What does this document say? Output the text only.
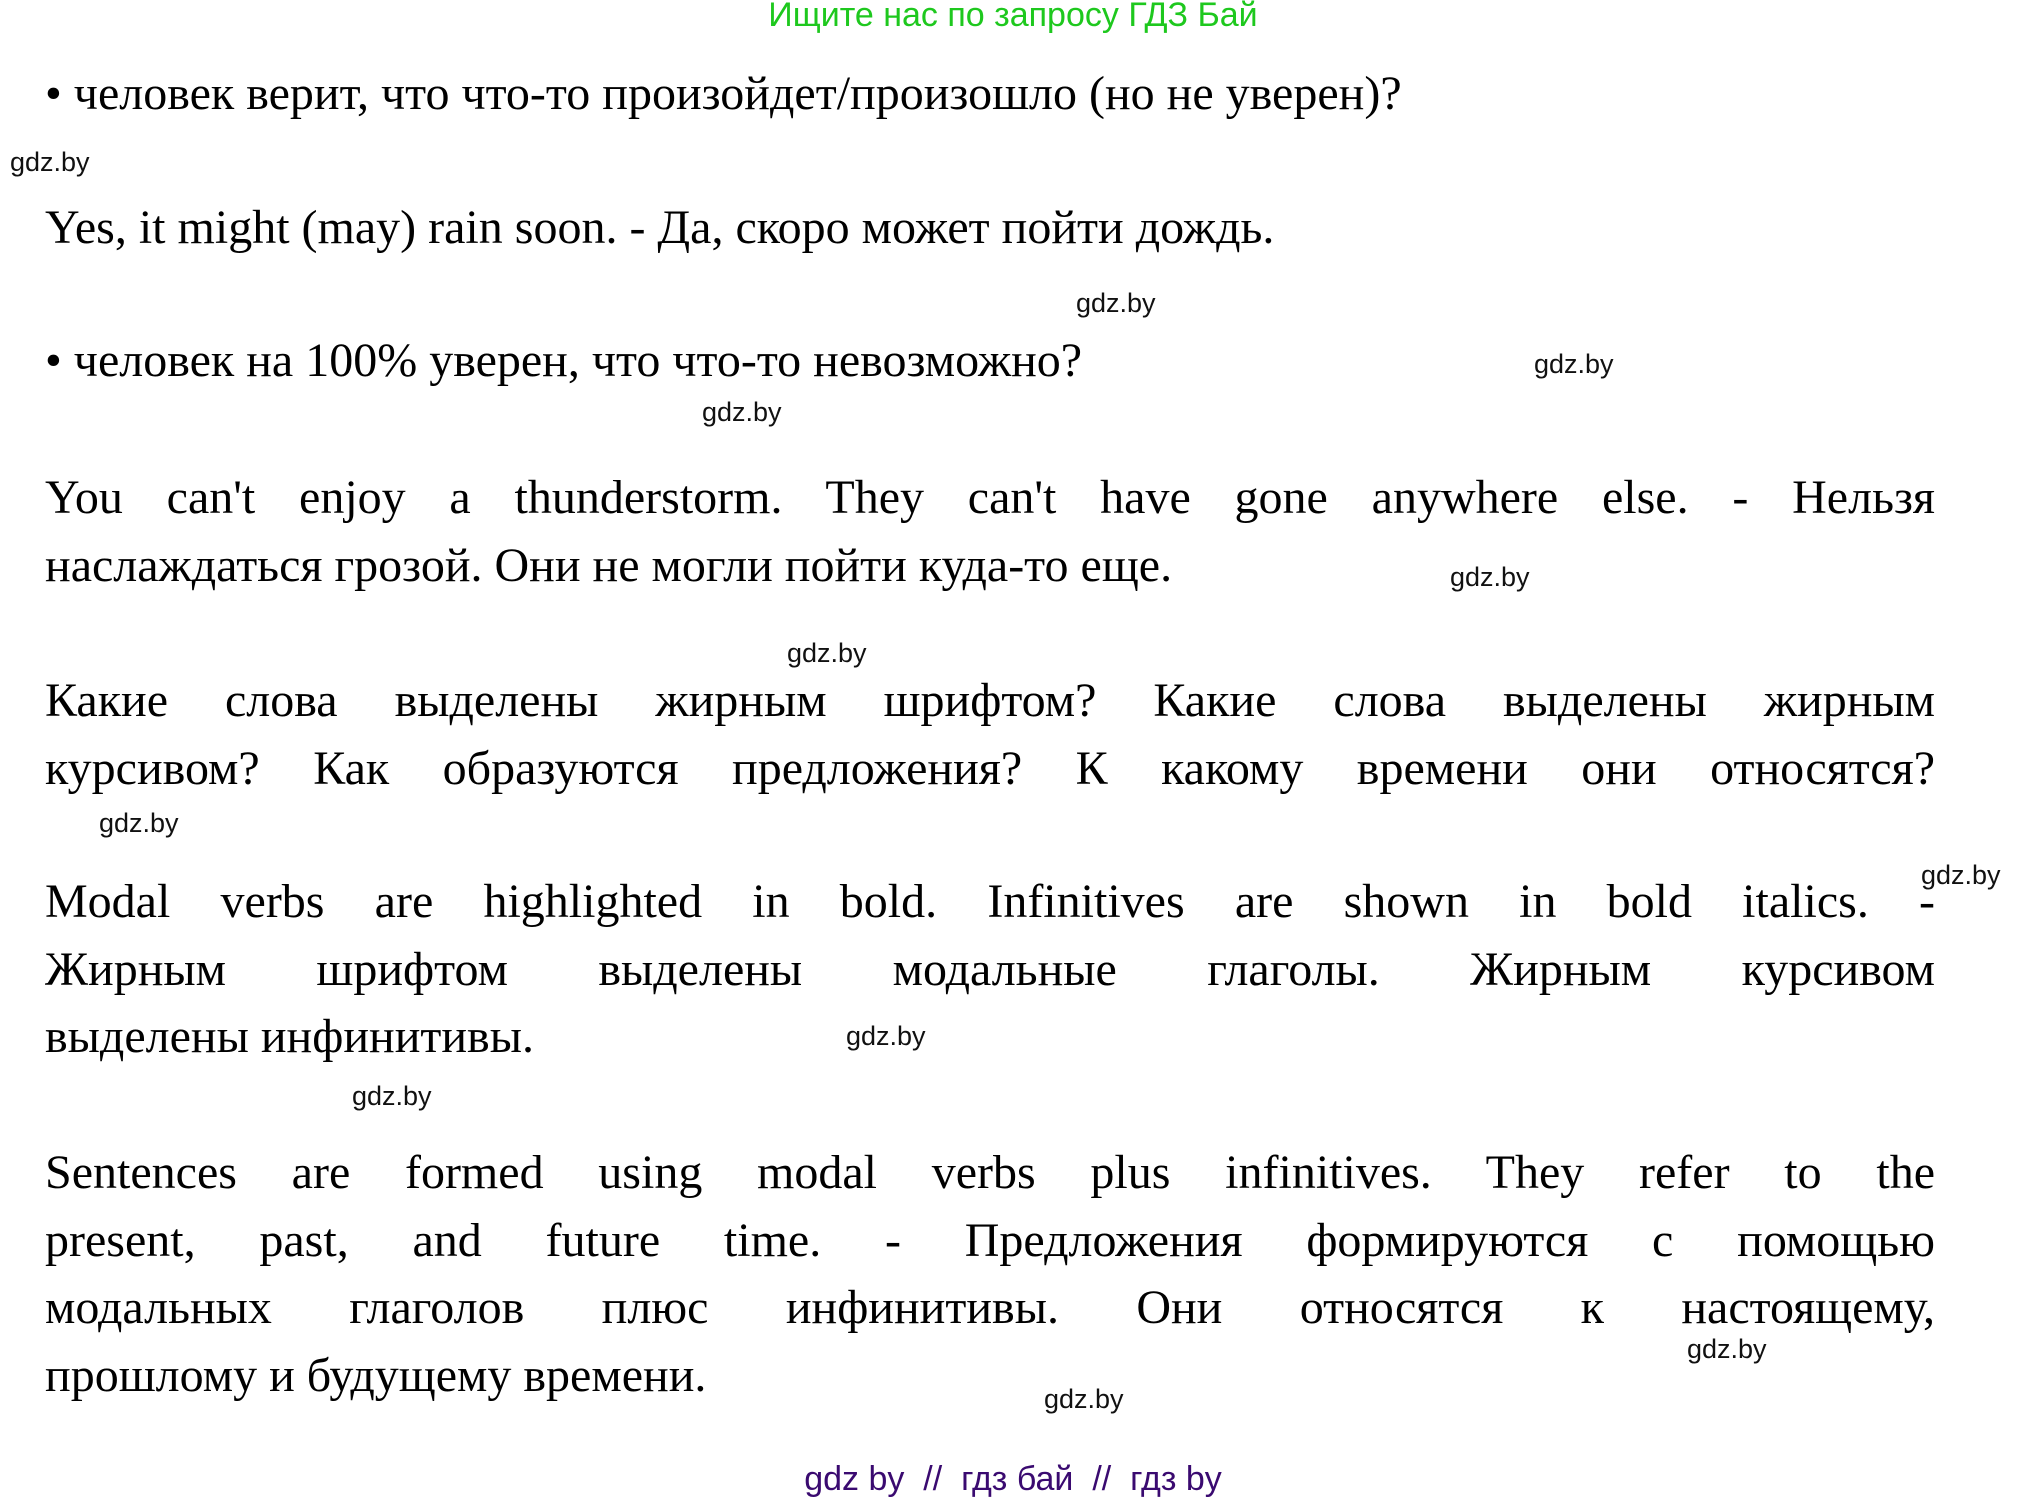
Ищите нас по запросу ГДЗ Бай
• человек верит, что что-то произойдет/произошло (но не уверен)?
Yes, it might (may) rain soon. - Да, скоро может пойти дождь.
• человек на 100% уверен, что что-то невозможно?
You can't enjoy a thunderstorm. They can't have gone anywhere else. - Нельзя
наслаждаться грозой. Они не могли пойти куда-то еще.
Какие слова выделены жирным шрифтом? Какие слова выделены жирным
курсивом? Как образуются предложения? К какому времени они относятся?
Modal verbs are highlighted in bold. Infinitives are shown in bold italics. -
Жирным шрифтом выделены модальные глаголы. Жирным курсивом
выделены инфинитивы.
Sentences are formed using modal verbs plus infinitives. They refer to the
present, past, and future time. - Предложения формируются с помощью
модальных глаголов плюс инфинитивы. Они относятся к настоящему,
прошлому и будущему времени.
gdz.by
gdz.by
gdz.by
gdz.by
gdz.by
gdz.by
gdz.by
gdz.by
gdz.by
gdz.by
gdz.by
gdz.by
gdz by  //  гдз бай  //  гдз by
